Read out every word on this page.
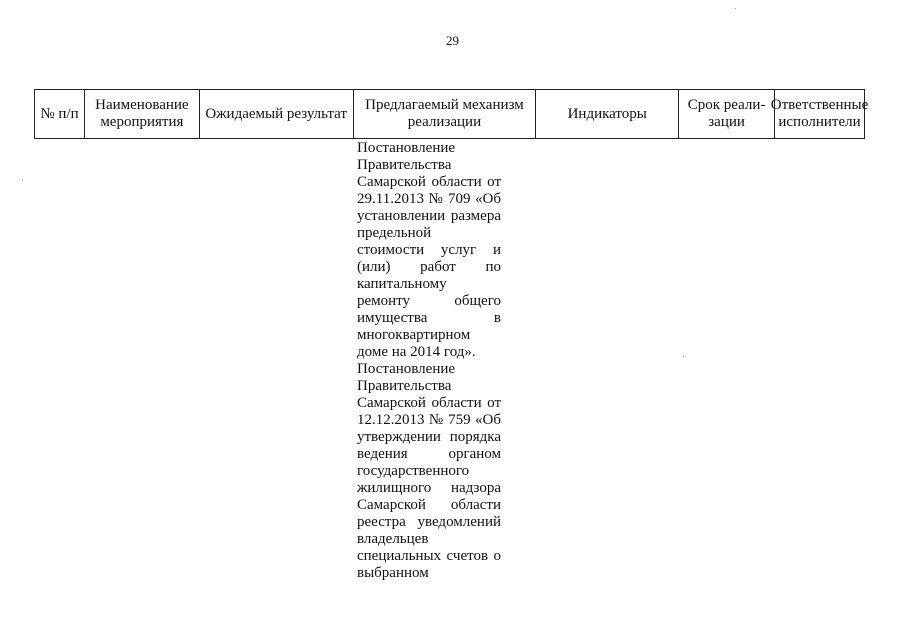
29
№ п/п
Наименование мероприятия
Ожидаемый результат
Предлагаемый механизм реализации
Индикаторы
Срок реали-зации
Ответственные исполнители

Постановление Правительства Самарской области от 29.11.2013 № 709 «Об установлении размера предельной стоимости услуг и (или) работ по капитальному ремонту общего имущества в многоквартирном доме на 2014 год».

Постановление Правительства Самарской области от 12.12.2013 № 759 «Об утверждении порядка ведения органом государственного жилищного надзора Самарской области реестра уведомлений владельцев специальных счетов о выбранном
